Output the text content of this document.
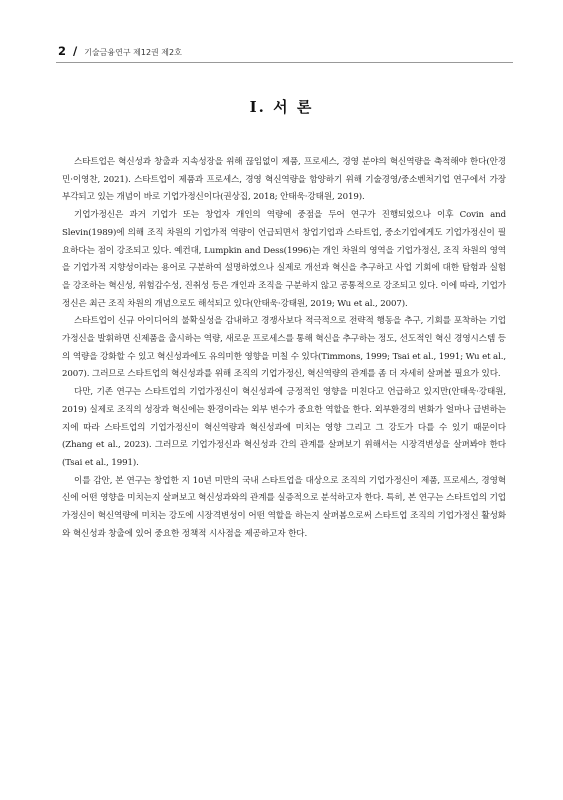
2 / 기술금융연구 제12권 제2호
Ⅰ. 서 론

스타트업은 혁신성과 창출과 지속성장을 위해 끊임없이 제품, 프로세스, 경영 분야의 혁신역량을 축적해야 한다(안경민·이영찬, 2021). 스타트업이 제품과 프로세스, 경영 혁신역량을 함양하기 위해 기술경영/중소벤처기업 연구에서 가장 부각되고 있는 개념이 바로 기업가정신이다(권상집, 2018; 안태욱·강태원, 2019).

기업가정신은 과거 기업가 또는 창업자 개인의 역량에 중점을 두어 연구가 진행되었으나 이후 Covin and Slevin(1989)에 의해 조직 차원의 기업가적 역량이 언급되면서 창업기업과 스타트업, 중소기업에게도 기업가정신이 필요하다는 점이 강조되고 있다. 예컨대, Lumpkin and Dess(1996)는 개인 차원의 영역을 기업가정신, 조직 차원의 영역을 기업가적 지향성이라는 용어로 구분하여 설명하였으나 실제로 개선과 혁신을 추구하고 사업 기회에 대한 탐험과 실험을 강조하는 혁신성, 위험감수성, 진취성 등은 개인과 조직을 구분하지 않고 공통적으로 강조되고 있다. 이에 따라, 기업가정신은 최근 조직 차원의 개념으로도 해석되고 있다(안태욱·강태원, 2019; Wu et al., 2007).

스타트업이 신규 아이디어의 불확실성을 감내하고 경쟁사보다 적극적으로 전략적 행동을 추구, 기회를 포착하는 기업가정신을 발휘하면 신제품을 출시하는 역량, 새로운 프로세스를 통해 혁신을 추구하는 정도, 선도적인 혁신 경영시스템 등의 역량을 강화할 수 있고 혁신성과에도 유의미한 영향을 미칠 수 있다(Timmons, 1999; Tsai et al., 1991; Wu et al., 2007). 그러므로 스타트업의 혁신성과를 위해 조직의 기업가정신, 혁신역량의 관계를 좀 더 자세히 살펴볼 필요가 있다.

다만, 기존 연구는 스타트업의 기업가정신이 혁신성과에 긍정적인 영향을 미친다고 언급하고 있지만(안태욱·강태원, 2019) 실제로 조직의 성장과 혁신에는 환경이라는 외부 변수가 중요한 역할을 한다. 외부환경의 변화가 얼마나 급변하는지에 따라 스타트업의 기업가정신이 혁신역량과 혁신성과에 미치는 영향 그리고 그 강도가 다를 수 있기 때문이다(Zhang et al., 2023). 그러므로 기업가정신과 혁신성과 간의 관계를 살펴보기 위해서는 시장격변성을 살펴봐야 한다(Tsai et al., 1991).

이를 감안, 본 연구는 창업한 지 10년 미만의 국내 스타트업을 대상으로 조직의 기업가정신이 제품, 프로세스, 경영혁신에 어떤 영향을 미치는지 살펴보고 혁신성과와의 관계를 실증적으로 분석하고자 한다. 특히, 본 연구는 스타트업의 기업가정신이 혁신역량에 미치는 강도에 시장격변성이 어떤 역할을 하는지 살펴봄으로써 스타트업 조직의 기업가정신 활성화와 혁신성과 창출에 있어 중요한 정책적 시사점을 제공하고자 한다.
